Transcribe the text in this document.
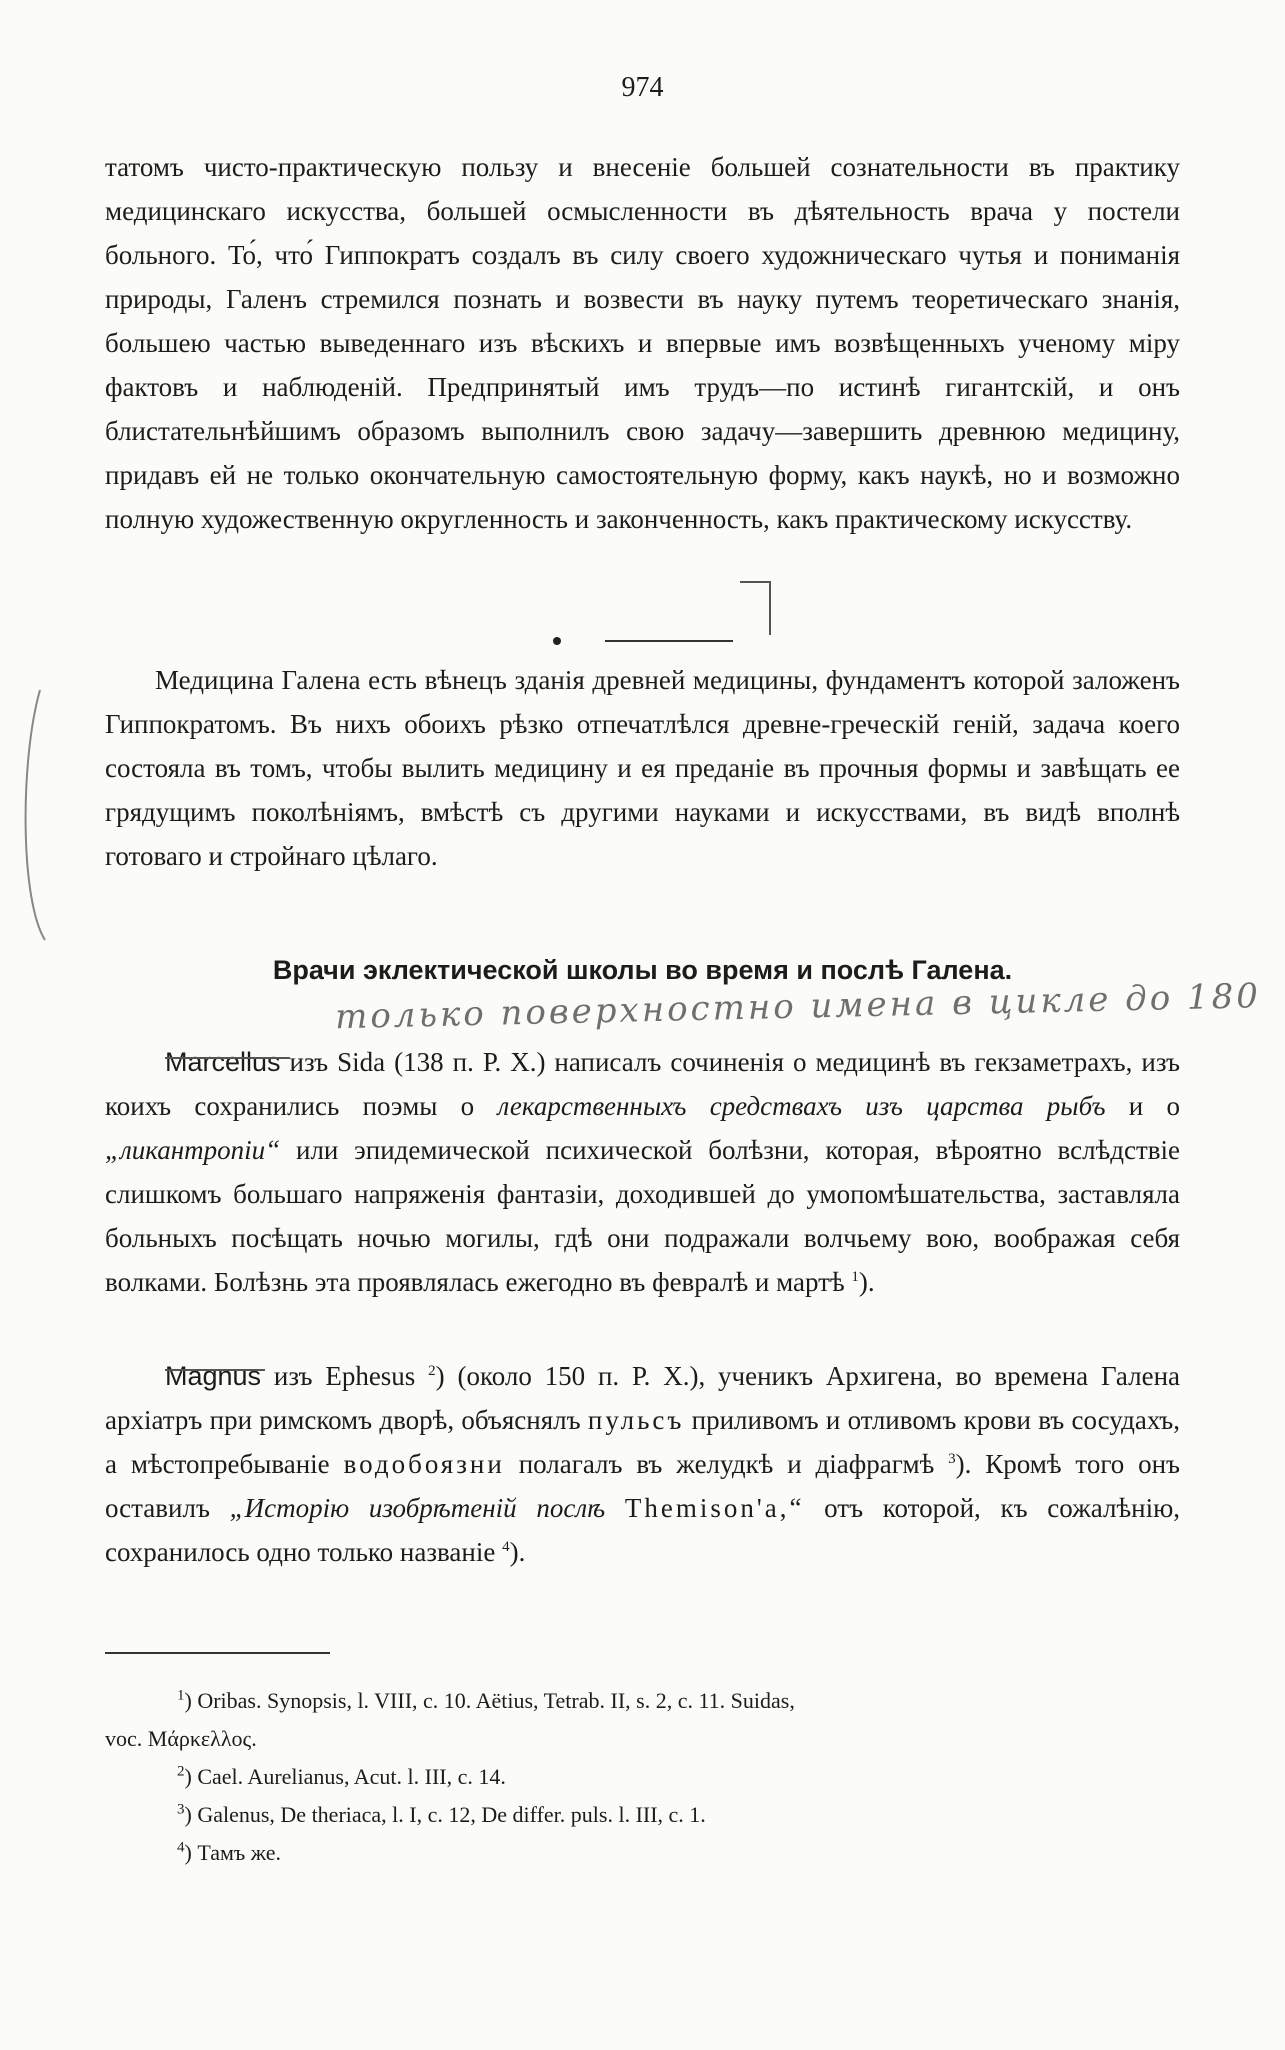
974

татомъ чисто-практическую пользу и внесеніе большей сознательности въ практику медицинскаго искусства, большей осмысленности въ дѣятельность врача у постели больного. То́, что́ Гиппократъ создалъ въ силу своего художническаго чутья и пониманія природы, Галенъ стремился познать и возвести въ науку путемъ теоретическаго знанія, большею частью выведеннаго изъ вѣскихъ и впервые имъ возвѣщенныхъ ученому міру фактовъ и наблюденій. Предпринятый имъ трудъ—по истинѣ гигантскій, и онъ блистательнѣйшимъ образомъ выполнилъ свою задачу—завершить древнюю медицину, придавъ ей не только окончательную самостоятельную форму, какъ наукѣ, но и возможно полную художественную округленность и законченность, какъ практическому искусству.

Медицина Галена есть вѣнецъ зданія древней медицины, фундаментъ которой заложенъ Гиппократомъ. Въ нихъ обоихъ рѣзко отпечатлѣлся древне-греческій геній, задача коего состояла въ томъ, чтобы вылить медицину и ея преданіе въ прочныя формы и завѣщать ее грядущимъ поколѣніямъ, вмѣстѣ съ другими науками и искусствами, въ видѣ вполнѣ готоваго и стройнаго цѣлаго.

Врачи эклектической школы во время и послѣ Галена.
только поверхностно имена в цикле до 180

Marcellus изъ Sida (138 п. Р. Х.) написалъ сочиненія о медицинѣ въ гекзаметрахъ, изъ коихъ сохранились поэмы о лекарственныхъ средствахъ изъ царства рыбъ и о „ликантропіи“ или эпидемической психической болѣзни, которая, вѣроятно вслѣдствіе слишкомъ большаго напряженія фантазіи, доходившей до умопомѣшательства, заставляла больныхъ посѣщать ночью могилы, гдѣ они подражали волчьему вою, воображая себя волками. Болѣзнь эта проявлялась ежегодно въ февралѣ и мартѣ $^1$).

Magnus изъ Ephesus $^2$) (около 150 п. Р. Х.), ученикъ Архигена, во времена Галена архіатръ при римскомъ дворѣ, объяснялъ пульсъ приливомъ и отливомъ крови въ сосудахъ, а мѣстопребываніе водобоязни полагалъ въ желудкѣ и діафрагмѣ $^3$). Кромѣ того онъ оставилъ „Исторію изобрѣтеній послѣ Themison'a,“ отъ которой, къ сожалѣнію, сохранилось одно только названіе $^4$).

$^1$) Oribas. Synopsis, l. VIII, c. 10. Aëtius, Tetrab. II, s. 2, c. 11. Suidas,

voc. Μάρκελλος.

$^2$) Cael. Aurelianus, Acut. l. III, c. 14.

$^3$) Galenus, De theriaca, l. I, c. 12, De differ. puls. l. III, c. 1.

$^4$) Тамъ же.
